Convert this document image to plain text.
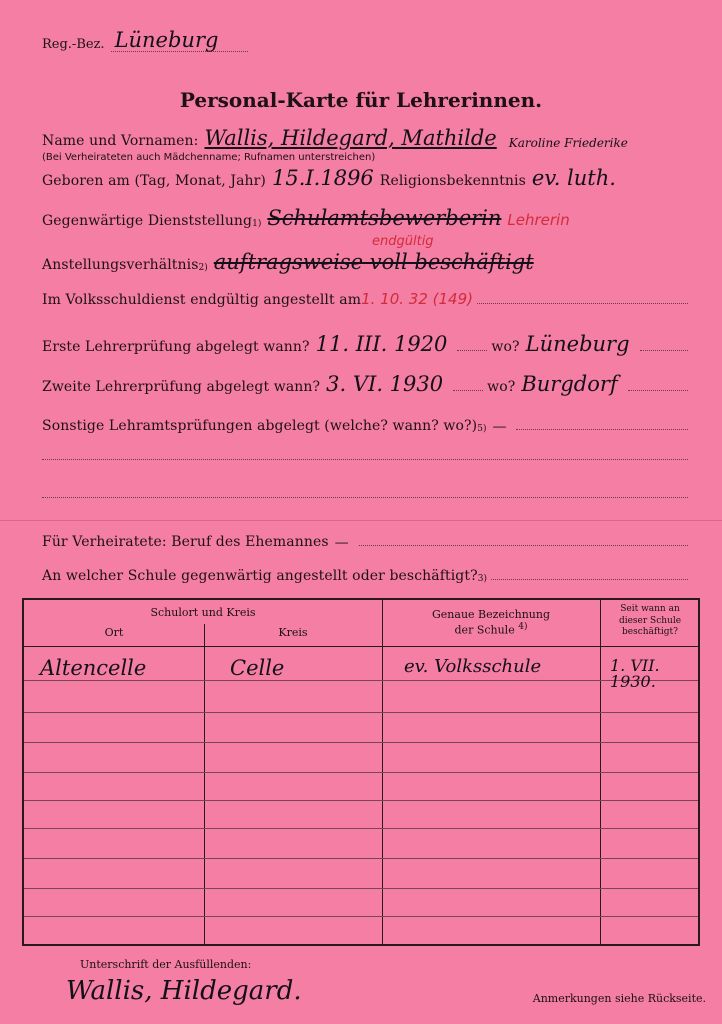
Reg.-Bez. Lüneburg
Personal-Karte für Lehrerinnen.
Name und Vornamen: Wallis, Hildegard, Mathilde Karoline Friederike
(Bei Verheirateten auch Mädchenname; Rufnamen unterstreichen)
Geboren am (Tag, Monat, Jahr) 15.I.1896 Religionsbekenntnis ev. luth.
Gegenwärtige Dienststellung 1) Schulamtsbewerberin Lehrerin
Anstellungsverhältnis 2) auftragsweise voll beschäftigt
endgültig
Im Volksschuldienst endgültig angestellt am 1. 10. 32 (149)
Erste Lehrerprüfung abgelegt wann? 11. III. 1920	wo? Lüneburg
Zweite Lehrerprüfung abgelegt wann? 3. VI. 1930	wo? Burgdorf
Sonstige Lehramtsprüfungen abgelegt (welche? wann? wo?) 5) —
Für Verheiratete: Beruf des Ehemannes —
An welcher Schule gegenwärtig angestellt oder beschäftigt? 3)
Schulort und Kreis
Ort	Kreis
Genaue Bezeichnung
der Schule $^{4)}$
Seit wann an
dieser Schule
beschäftigt?
Altencelle	Celle	ev. Volksschule	1. VII. 1930.
Unterschrift der Ausfüllenden:
Wallis, Hildegard.	Anmerkungen siehe Rückseite.
